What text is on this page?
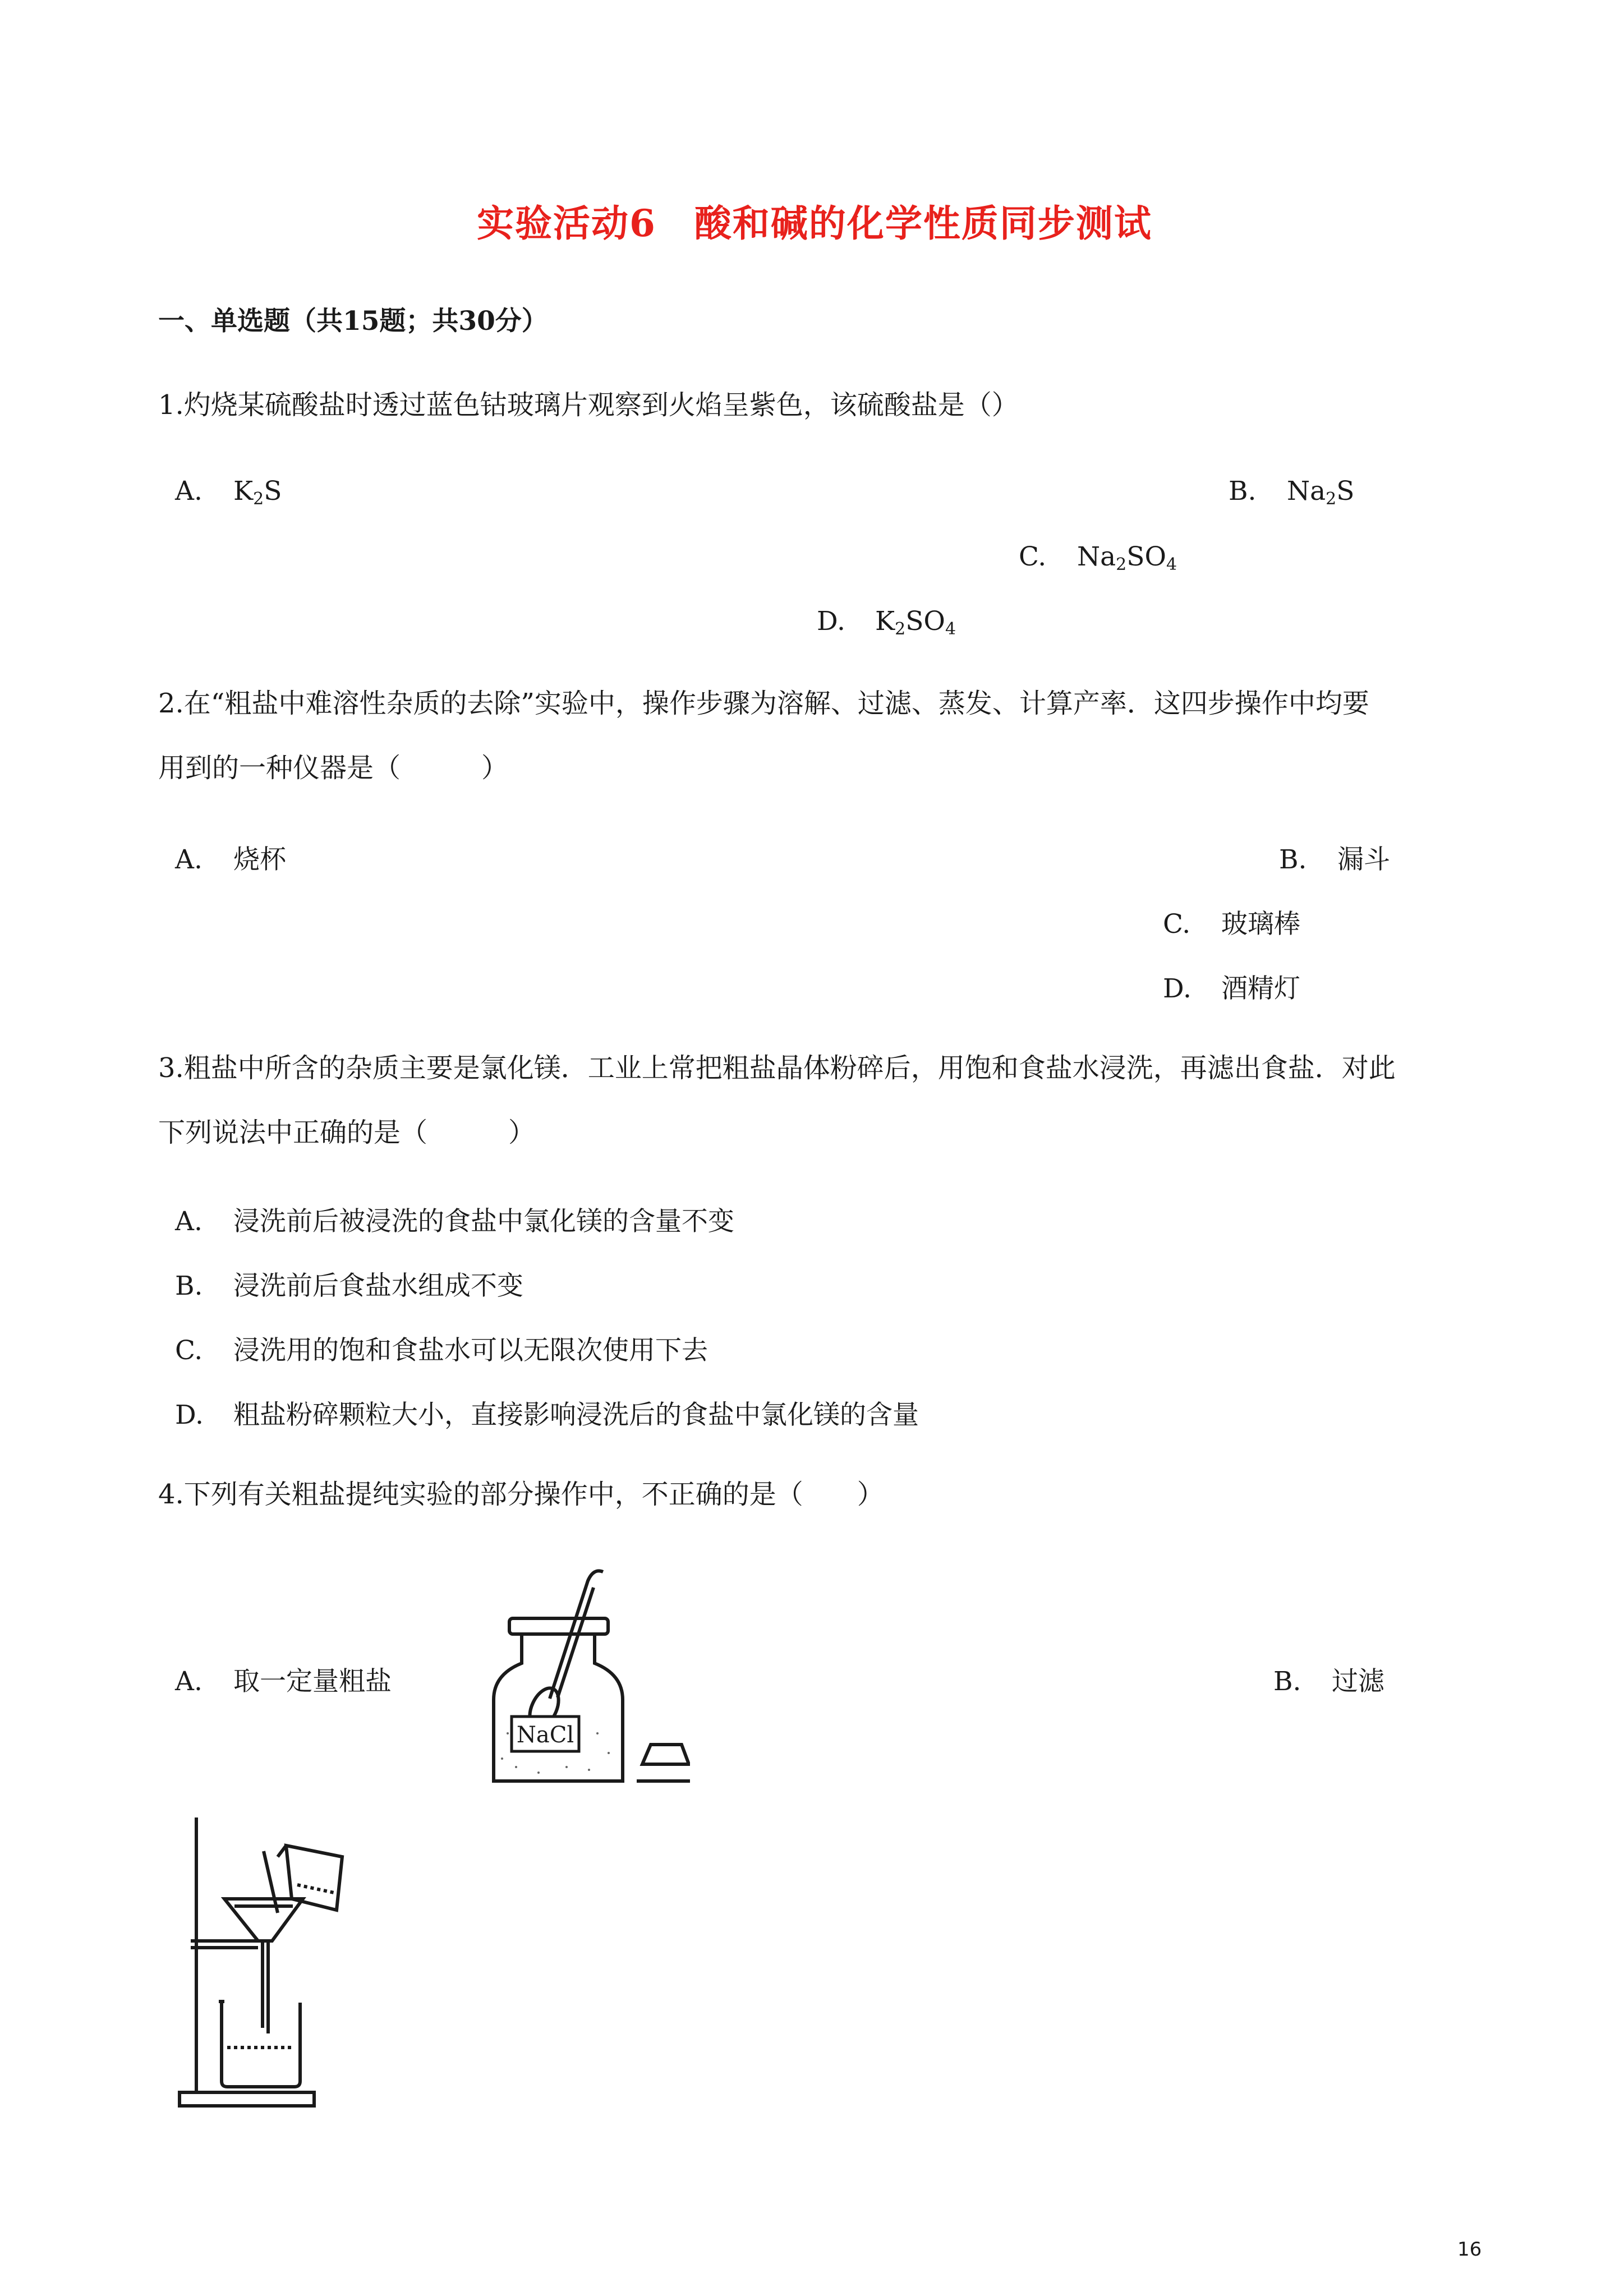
实验活动6　酸和碱的化学性质同步测试
一、单选题（共15题；共30分）
1.灼烧某硫酸盐时透过蓝色钴玻璃片观察到火焰呈紫色，该硫酸盐是（）
A. $K_2S$	B. $Na_2S$
C. $Na_2SO_4$
D. $K_2SO_4$
2.在“粗盐中难溶性杂质的去除”实验中，操作步骤为溶解、过滤、蒸发、计算产率．这四步操作中均要
用到的一种仪器是（　　　）
A. 烧杯	B. 漏斗
C. 玻璃棒
D. 酒精灯
3.粗盐中所含的杂质主要是氯化镁．工业上常把粗盐晶体粉碎后，用饱和食盐水浸洗，再滤出食盐．对此
下列说法中正确的是（　　　）
A. 浸洗前后被浸洗的食盐中氯化镁的含量不变
B. 浸洗前后食盐水组成不变
C. 浸洗用的饱和食盐水可以无限次使用下去
D. 粗盐粉碎颗粒大小，直接影响浸洗后的食盐中氯化镁的含量
4.下列有关粗盐提纯实验的部分操作中，不正确的是（　　）
A. 取一定量粗盐	B. 过滤
NaCl
16
